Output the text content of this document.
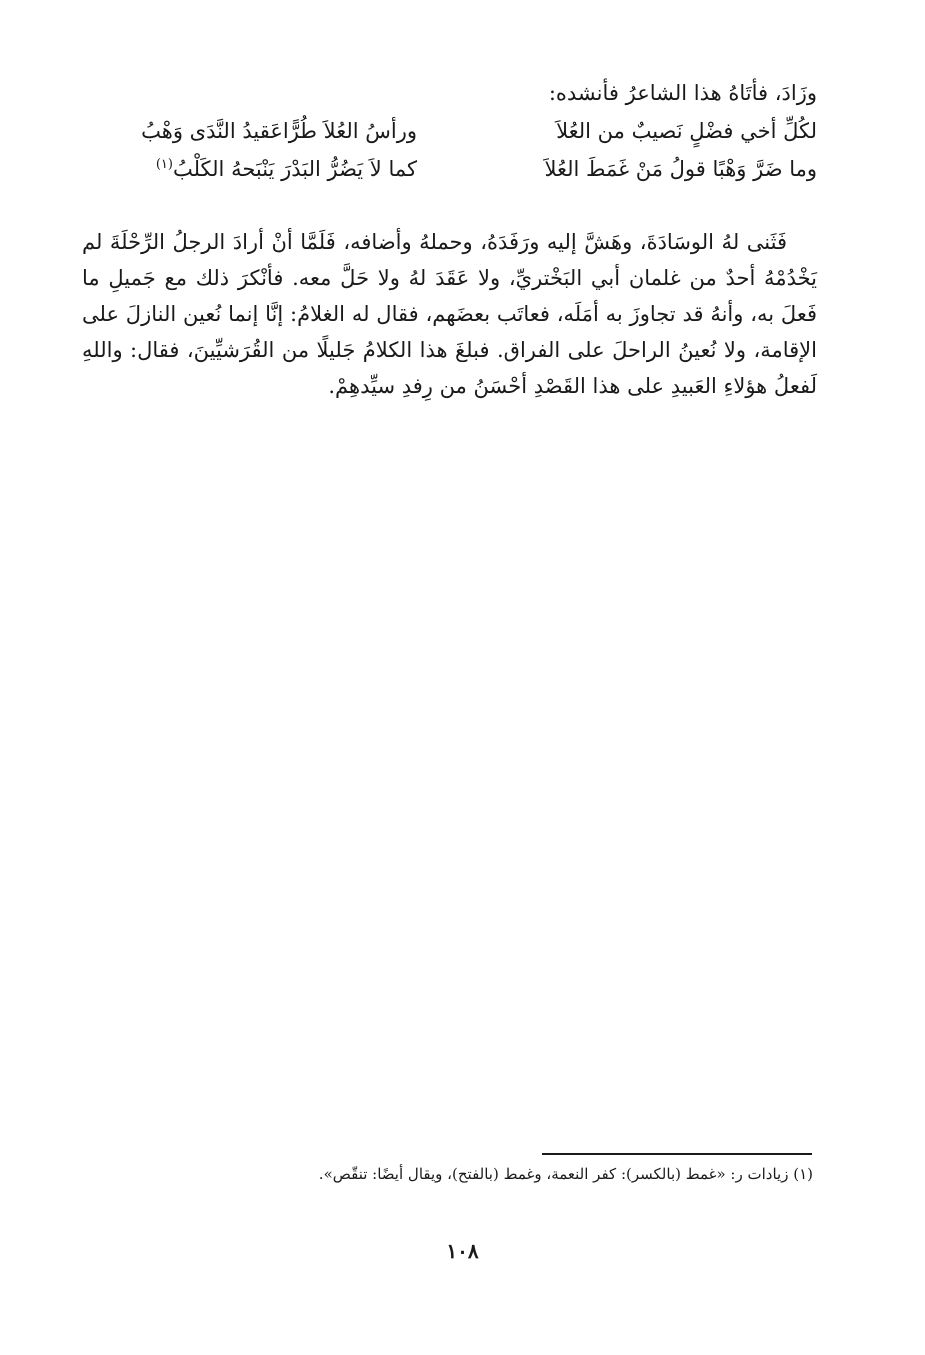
وزَادَ، فأتَاهُ هذا الشاعرُ فأنشده:
لكُلِّ أخي فضْلٍ نَصيبٌ من العُلاَ
ورأسُ العُلاَ طُرًّاعَقيدُ النَّدَى وَهْبُ
وما ضَرَّ وَهْبًا قولُ مَنْ غَمَطَ العُلاَ
كما لاَ يَضُرُّ البَدْرَ يَنْبَحهُ الكَلْبُ$^{(١)}$

فَثَنى لهُ الوسَادَةَ، وهَشَّ إليه ورَفَدَهُ، وحملهُ وأضافه، فَلَمَّا أنْ أرادَ الرجلُ الرِّحْلَةَ لم يَخْدُمْهُ أحدٌ من غلمان أبي البَخْتريِّ، ولا عَقَدَ لهُ ولا حَلَّ معه. فأنْكرَ ذلك مع جَميلِ ما فَعلَ به، وأنهُ قد تجاوزَ به أمَلَه، فعاتَب بعضَهم، فقال له الغلامُ: إنَّا إنما نُعين النازلَ على الإقامة، ولا نُعينُ الراحلَ على الفراق. فبلغَ هذا الكلامُ جَليلًا من القُرَشيِّينَ، فقال: واللهِ لَفعلُ هؤلاءِ العَبيدِ على هذا القَصْدِ أحْسَنُ من رِفدِ سيِّدهِمْ.

(١) زيادات ر: «غمط (بالكسر): كفر النعمة، وغمط (بالفتح)، ويقال أيضًا: تنقّص».
١٠٨
